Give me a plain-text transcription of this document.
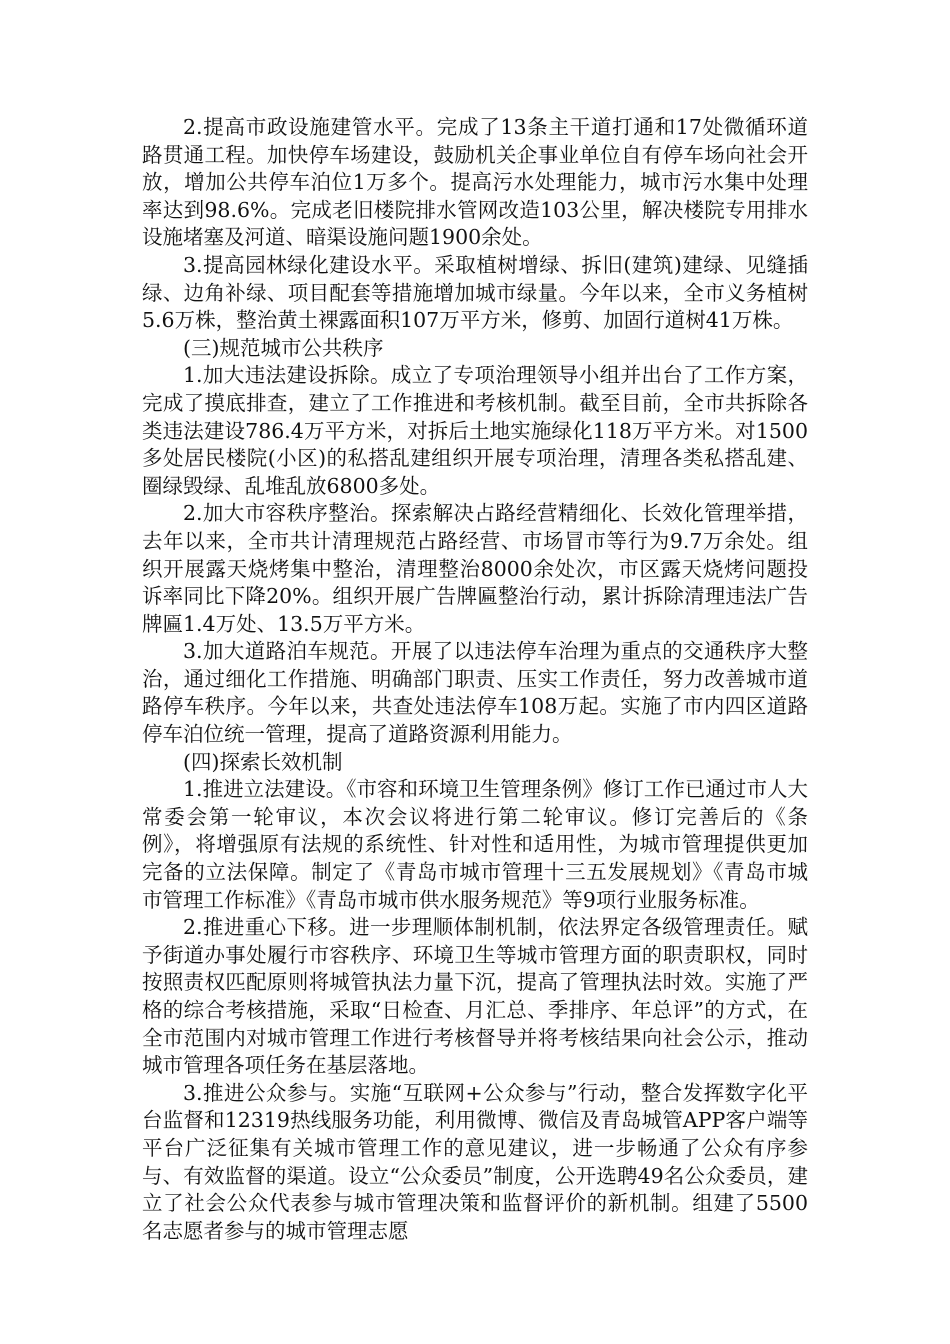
2.提高市政设施建管水平。完成了13条主干道打通和17处微循环道路贯通工程。加快停车场建设，鼓励机关企事业单位自有停车场向社会开放，增加公共停车泊位1万多个。提高污水处理能力，城市污水集中处理率达到98.6%。完成老旧楼院排水管网改造103公里，解决楼院专用排水设施堵塞及河道、暗渠设施问题1900余处。

3.提高园林绿化建设水平。采取植树增绿、拆旧(建筑)建绿、见缝插绿、边角补绿、项目配套等措施增加城市绿量。今年以来，全市义务植树5.6万株，整治黄土裸露面积107万平方米，修剪、加固行道树41万株。

(三)规范城市公共秩序

1.加大违法建设拆除。成立了专项治理领导小组并出台了工作方案，完成了摸底排查，建立了工作推进和考核机制。截至目前，全市共拆除各类违法建设786.4万平方米，对拆后土地实施绿化118万平方米。对1500多处居民楼院(小区)的私搭乱建组织开展专项治理，清理各类私搭乱建、圈绿毁绿、乱堆乱放6800多处。

2.加大市容秩序整治。探索解决占路经营精细化、长效化管理举措，去年以来，全市共计清理规范占路经营、市场冒市等行为9.7万余处。组织开展露天烧烤集中整治，清理整治8000余处次，市区露天烧烤问题投诉率同比下降20%。组织开展广告牌匾整治行动，累计拆除清理违法广告牌匾1.4万处、13.5万平方米。

3.加大道路泊车规范。开展了以违法停车治理为重点的交通秩序大整治，通过细化工作措施、明确部门职责、压实工作责任，努力改善城市道路停车秩序。今年以来，共查处违法停车108万起。实施了市内四区道路停车泊位统一管理，提高了道路资源利用能力。

(四)探索长效机制

1.推进立法建设。《市容和环境卫生管理条例》修订工作已通过市人大常委会第一轮审议，本次会议将进行第二轮审议。修订完善后的《条例》，将增强原有法规的系统性、针对性和适用性，为城市管理提供更加完备的立法保障。制定了《青岛市城市管理十三五发展规划》《青岛市城市管理工作标准》《青岛市城市供水服务规范》等9项行业服务标准。

2.推进重心下移。进一步理顺体制机制，依法界定各级管理责任。赋予街道办事处履行市容秩序、环境卫生等城市管理方面的职责职权，同时按照责权匹配原则将城管执法力量下沉，提高了管理执法时效。实施了严格的综合考核措施，采取“日检查、月汇总、季排序、年总评”的方式，在全市范围内对城市管理工作进行考核督导并将考核结果向社会公示，推动城市管理各项任务在基层落地。

3.推进公众参与。实施“互联网+公众参与”行动，整合发挥数字化平台监督和12319热线服务功能，利用微博、微信及青岛城管APP客户端等平台广泛征集有关城市管理工作的意见建议，进一步畅通了公众有序参与、有效监督的渠道。设立“公众委员”制度，公开选聘49名公众委员，建立了社会公众代表参与城市管理决策和监督评价的新机制。组建了5500名志愿者参与的城市管理志愿
